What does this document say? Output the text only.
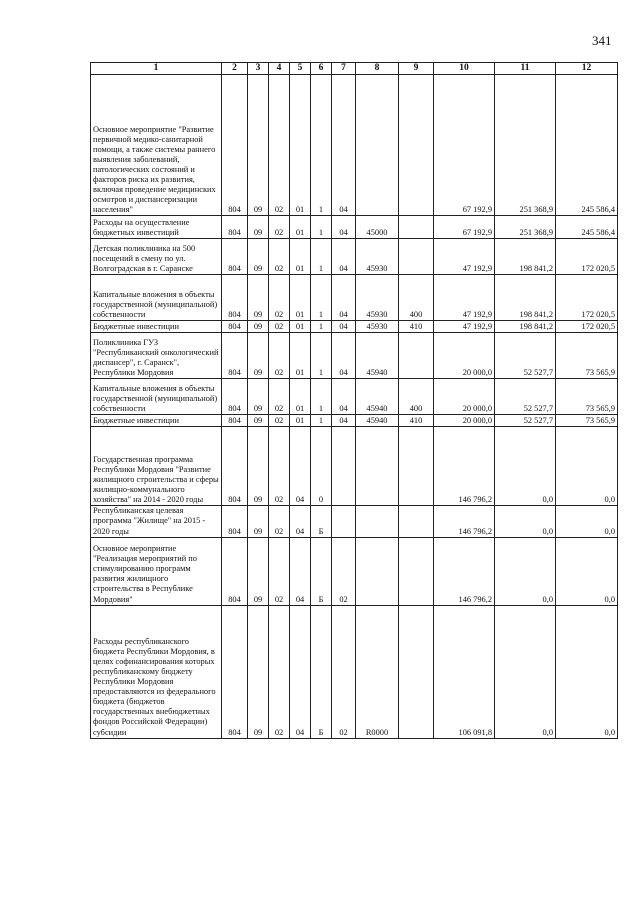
341
1	2	3	4	5	6	7	8	9	10	11	12
Основное мероприятие "Развитие первичной медико-санитарной помощи, а также системы раннего выявления заболеваний, патологических состояний и факторов риска их развития, включая проведение медицинских осмотров и диспансеризации населения"	804	09	02	01	1	04			67 192,9	251 368,9	245 586,4
Расходы на осуществление бюджетных инвестиций	804	09	02	01	1	04	45000		67 192,9	251 368,9	245 586,4
Детская поликлиника на 500 посещений в смену по ул. Волгоградская в г. Саранске	804	09	02	01	1	04	45930		47 192,9	198 841,2	172 020,5
Капитальные вложения в объекты государственной (муниципальной) собственности	804	09	02	01	1	04	45930	400	47 192,9	198 841,2	172 020,5
Бюджетные инвестиции	804	09	02	01	1	04	45930	410	47 192,9	198 841,2	172 020,5
Поликлиника ГУЗ "Республиканский онкологический диспансер", г. Саранск", Республики Мордовия	804	09	02	01	1	04	45940		20 000,0	52 527,7	73 565,9
Капитальные вложения в объекты государственной (муниципальной) собственности	804	09	02	01	1	04	45940	400	20 000,0	52 527,7	73 565,9
Бюджетные инвестиции	804	09	02	01	1	04	45940	410	20 000,0	52 527,7	73 565,9
Государственная программа Республики Мордовия "Развитие жилищного строительства и сферы жилищно-коммунального хозяйства" на 2014 - 2020 годы	804	09	02	04	0				146 796,2	0,0	0,0
Республиканская целевая программа "Жилище" на 2015 - 2020 годы	804	09	02	04	Б				146 796,2	0,0	0,0
Основное мероприятие "Реализация мероприятий по стимулированию программ развития жилищного строительства в Республике Мордовия"	804	09	02	04	Б	02			146 796,2	0,0	0,0
Расходы республиканского бюджета Республики Мордовия, в целях софинансирования которых республиканскому бюджету Республики Мордовия предоставляются из федерального бюджета (бюджетов государственных внебюджетных фондов Российской Федерации) субсидии	804	09	02	04	Б	02	R0000		106 091,8	0,0	0,0
